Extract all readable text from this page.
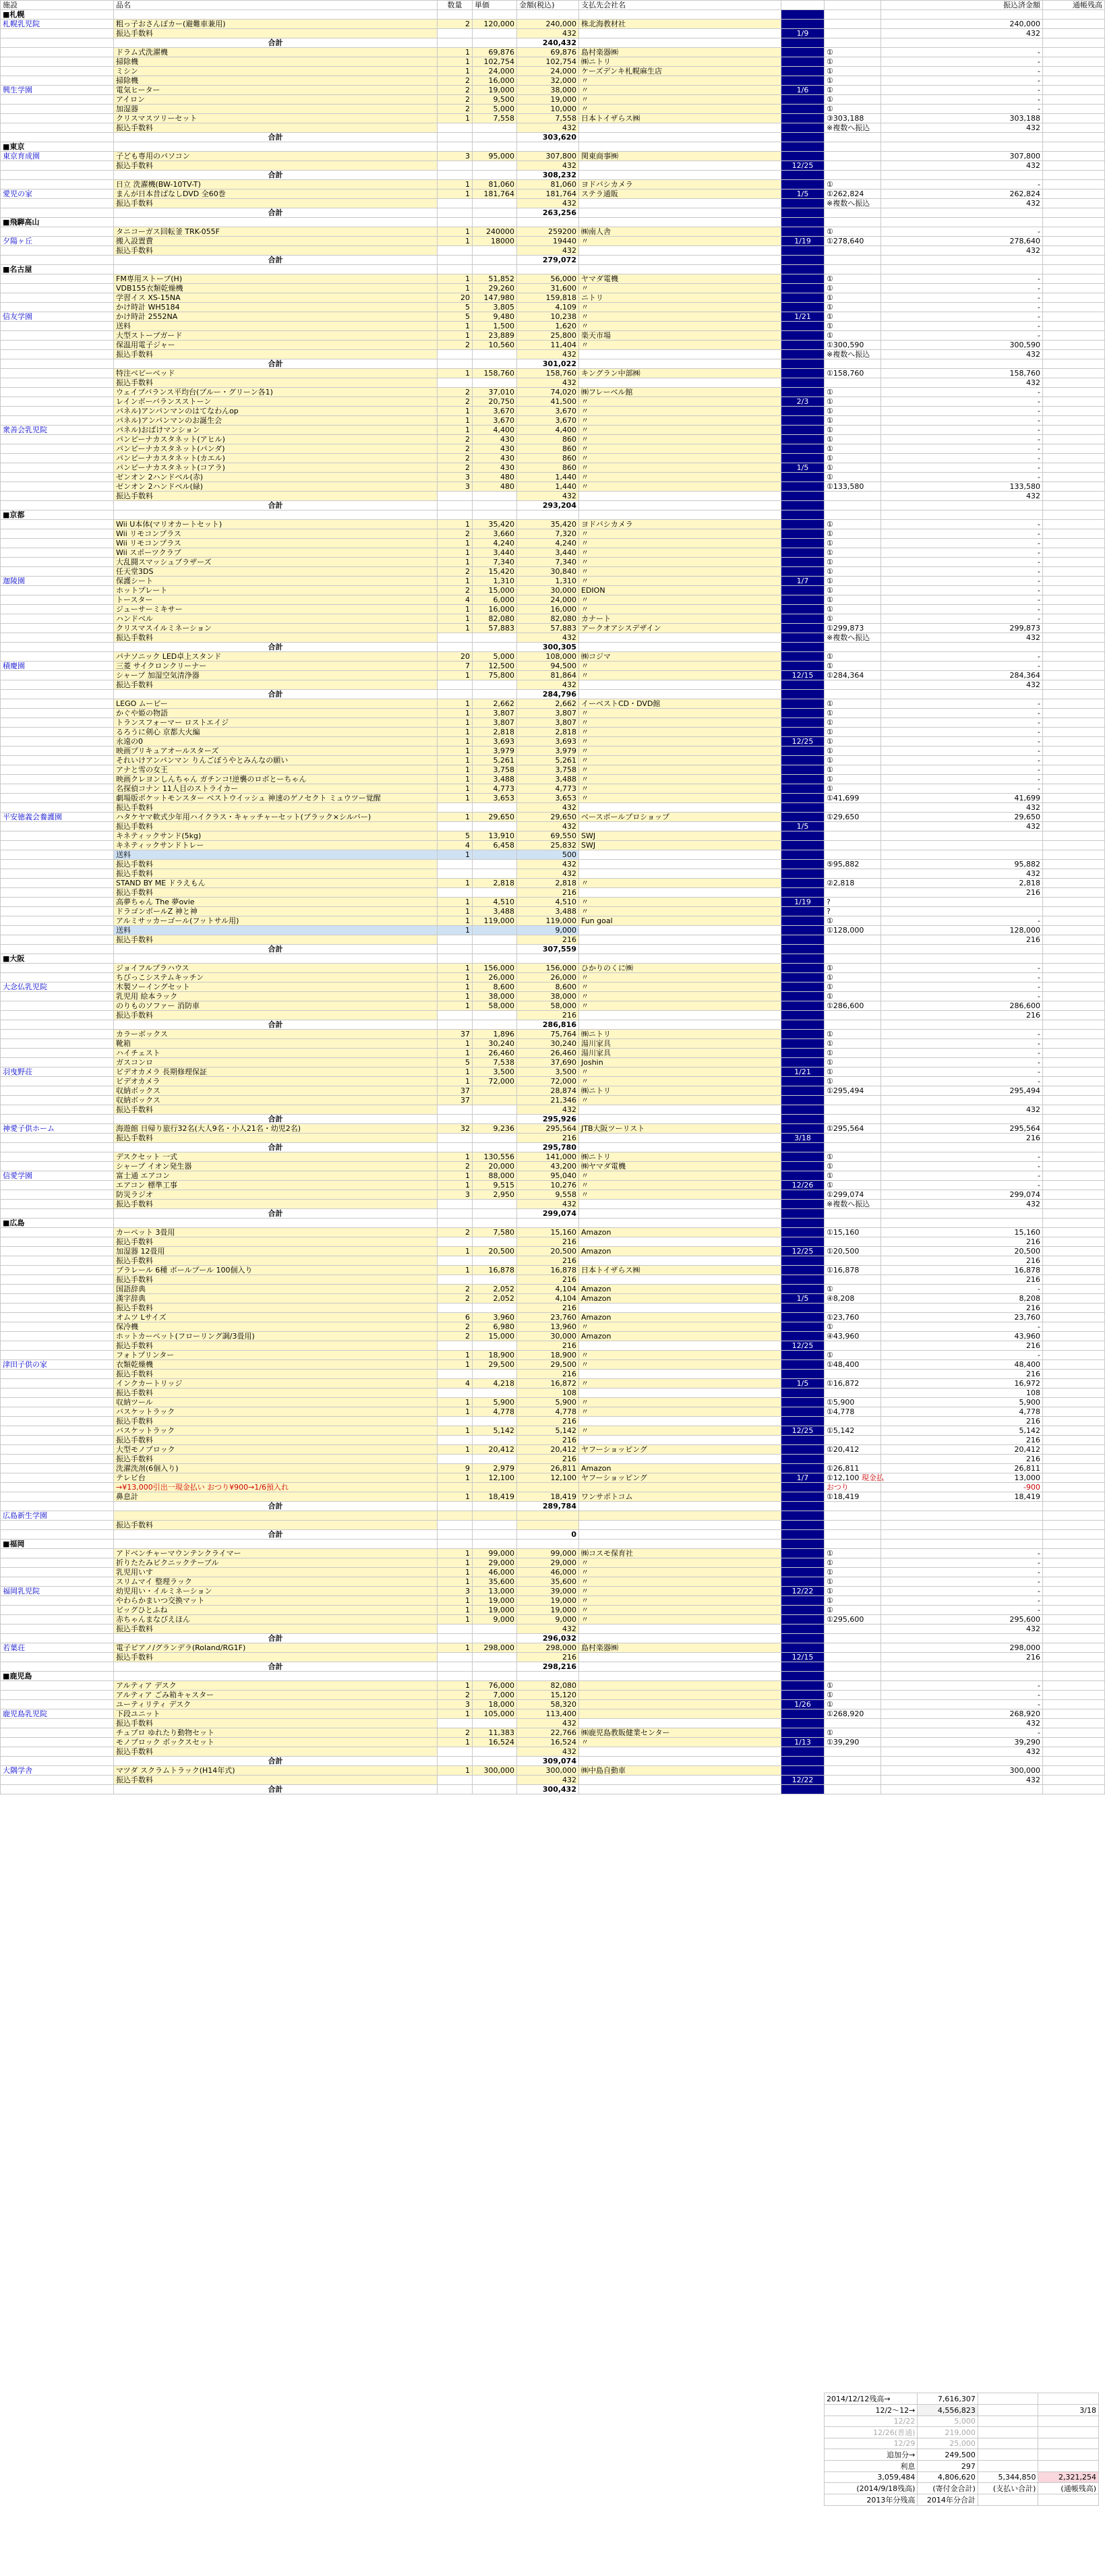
施設	品名	数量	単価	金額(税込)	支払先会社名	振込完了		振込済金額	通帳残高
■札幌									
札幌乳児院	粗っ子おさんぽカー(避難車兼用)	2	120,000	240,000	株北海教材社			240,000	
	振込手数料			432		1/9		432	
	合計			240,432					
	ドラム式洗濯機	1	69,876	69,876	島村楽器㈱		①	-	
	掃除機	1	102,754	102,754	㈱ニトリ		①	-	
	ミシン	1	24,000	24,000	ケーズデンキ札幌麻生店		①	-	
	掃除機	2	16,000	32,000	〃		①	-	
興生学園	電気ヒーター	2	19,000	38,000	〃	1/6	①	-	
	アイロン	2	9,500	19,000	〃		①	-	
	加湿器	2	5,000	10,000	〃		①	-	
	クリスマスツリーセット	1	7,558	7,558	日本トイザらス㈱		③303,188	303,188	
	振込手数料			432			※複数へ振込	432	
	合計			303,620					
■東京									
東京育成園	子ども専用のパソコン	3	95,000	307,800	関東商事㈱			307,800	
	振込手数料			432		12/25		432	
	合計			308,232					
	日立 洗濯機(BW-10TV-T)	1	81,060	81,060	ヨドバシカメラ		①	-	
愛児の家	まんが日本昔ばなしDVD 全60巻	1	181,764	181,764	ステラ通販	1/5	①262,824	262,824	
	振込手数料			432			※複数へ振込	432	
	合計			263,256					
■飛騨高山									
	タニコーガス回転釜 TRK-055F	1	240000	259200	㈱南人舎		①	-	
夕陽ヶ丘	搬入設置費	1	18000	19440	〃	1/19	①278,640	278,640	
	振込手数料			432				432	
	合計			279,072					
■名古屋									
	FM専用ストーブ(H)	1	51,852	56,000	ヤマダ電機		①	-	
	VDB155衣類乾燥機	1	29,260	31,600	〃		①	-	
	学習イス XS-15NA	20	147,980	159,818	ニトリ		①	-	
	かけ時計 WH5184	5	3,805	4,109	〃		①	-	
信友学園	かけ時計 2552NA	5	9,480	10,238	〃	1/21	①	-	
	送料	1	1,500	1,620	〃		①	-	
	大型ストーブガード	1	23,889	25,800	楽天市場		①	-	
	保温用電子ジャー	2	10,560	11,404	〃		①300,590	300,590	
	振込手数料			432			※複数へ振込	432	
	合計			301,022					
	特注ベビーベッド	1	158,760	158,760	キングラン中部㈱		①158,760	158,760	
	振込手数料			432				432	
	ウェイブバランス平均台(ブルー・グリーン各1)	2	37,010	74,020	㈱フレーベル館		①	-	
	レインボーバランスストーン	2	20,750	41,500	〃	2/3	①	-	
	パネル)アンパンマンのはてなわんop	1	3,670	3,670	〃		①	-	
	パネル)アンパンマンのお誕生会	1	3,670	3,670	〃		①	-	
衆善会乳児院	パネル)おばけマンション	1	4,400	4,400	〃		①	-	
	パンピーナカスタネット(アヒル)	2	430	860	〃		①	-	
	パンピーナカスタネット(パンダ)	2	430	860	〃		①	-	
	パンピーナカスタネット(カエル)	2	430	860	〃		①	-	
	パンピーナカスタネット(コアラ)	2	430	860	〃	1/5	①	-	
	ゼンオン 2ハンドベル(赤)	3	480	1,440	〃		①	-	
	ゼンオン 2ハンドベル(緑)	3	480	1,440	〃		①133,580	133,580	
	振込手数料			432				432	
	合計			293,204					
■京都									
	Wii U本体(マリオカートセット)	1	35,420	35,420	ヨドバシカメラ		①	-	
	Wii リモコンプラス	2	3,660	7,320	〃		①	-	
	Wii リモコンプラス	1	4,240	4,240	〃		①	-	
	Wii スポーツクラブ	1	3,440	3,440	〃		①	-	
	大乱闘スマッシュブラザーズ	1	7,340	7,340	〃		①	-	
	任天堂3DS	2	15,420	30,840	〃		①	-	
迦陵園	保護シート	1	1,310	1,310	〃	1/7	①	-	
	ホットプレート	2	15,000	30,000	EDION		①	-	
	トースター	4	6,000	24,000	〃		①	-	
	ジューサーミキサー	1	16,000	16,000	〃		①	-	
	ハンドベル	1	82,080	82,080	カナート		①	-	
	クリスマスイルミネーション	1	57,883	57,883	アークオアシスデザイン		①299,873	299,873	
	振込手数料			432			※複数へ振込	432	
	合計			300,305					
	パナソニック LED卓上スタンド	20	5,000	108,000	㈱コジマ		①	-	
積慶園	三菱 サイクロンクリーナー	7	12,500	94,500	〃		①	-	
	シャープ 加湿空気清浄器	1	75,800	81,864	〃	12/15	①284,364	284,364	
	振込手数料			432				432	
	合計			284,796					
	LEGO ムービー	1	2,662	2,662	イーベストCD・DVD館		①	-	
	かぐや姫の物語	1	3,807	3,807	〃		①	-	
	トランスフォーマー ロストエイジ	1	3,807	3,807	〃		①	-	
	るろうに剣心 京都大火編	1	2,818	2,818	〃		①	-	
	永遠の0	1	3,693	3,693	〃	12/25	①	-	
	映画プリキュアオールスターズ	1	3,979	3,979	〃		①	-	
	それいけアンパンマン りんごぼうやとみんなの願い	1	5,261	5,261	〃		①	-	
	アナと雪の女王	1	3,758	3,758	〃		①	-	
	映画クレヨンしんちゃん ガチンコ!逆襲のロボとーちゃん	1	3,488	3,488	〃		①	-	
	名探偵コナン 11人目のストライカー	1	4,773	4,773	〃		①	-	
	劇場版ポケットモンスター ベストウイッシュ 神速のゲノセクト ミュウツー覚醒	1	3,653	3,653	〃		①41,699	41,699	
	振込手数料			432				432	
平安徳義会養護園	ハタケヤマ軟式少年用ハイクラス・キャッチャーセット(ブラック×シルバー)	1	29,650	29,650	ベースボールプロショップ		①29,650	29,650	
	振込手数料			432		1/5		432	
	キネティックサンド(5kg)	5	13,910	69,550	SWJ				
	キネティックサンドトレー	4	6,458	25,832	SWJ				
	送料	1		500					
	振込手数料			432			⑤95,882	95,882	
	振込手数料			432				432	
	STAND BY ME ドラえもん	1	2,818	2,818	〃		②2,818	2,818	
	振込手数料			216				216	
	高夢ちゃん The 夢ovie	1	4,510	4,510	〃	1/19	?		
	ドラゴンボールZ 神と神	1	3,488	3,488	〃		?		
	アルミサッカーゴール(フットサル用)	1	119,000	119,000	Fun goal		①	-	
	送料	1		9,000			①128,000	128,000	
	振込手数料			216				216	
	合計			307,559					
■大阪									
	ジョイフルプラハウス	1	156,000	156,000	ひかりのくに㈱		①	-	
	ちびっこシステムキッチン	1	26,000	26,000	〃		①	-	
大念仏乳児院	木製ソーイングセット	1	8,600	8,600	〃		①	-	
	乳児用 絵本ラック	1	38,000	38,000	〃		①	-	
	のりものソファー 消防車	1	58,000	58,000	〃		①286,600	286,600	
	振込手数料			216				216	
	合計			286,816					
	カラーボックス	37	1,896	75,764	㈱ニトリ		①	-	
	靴箱	1	30,240	30,240	湯川家具		①	-	
	ハイチェスト	1	26,460	26,460	湯川家具		①	-	
	ガスコンロ	5	7,538	37,690	Joshin		①	-	
羽曳野荘	ビデオカメラ 長期修理保証	1	3,500	3,500	〃	1/21	①	-	
	ビデオカメラ	1	72,000	72,000	〃		①	-	
	収納ボックス	37		28,874	㈱ニトリ		①295,494	295,494	
	収納ボックス	37		21,346	〃				
	振込手数料			432				432	
	合計			295,926					
神愛子供ホーム	海遊館 日帰り旅行32名(大人9名・小人21名・幼児2名)	32	9,236	295,564	JTB大阪ツーリスト		①295,564	295,564	
	振込手数料			216		3/18		216	
	合計			295,780					
	デスクセット 一式	1	130,556	141,000	㈱ニトリ		①	-	
	シャープ イオン発生器	2	20,000	43,200	㈱ヤマダ電機		①	-	
信愛学園	富士通 エアコン	1	88,000	95,040	〃		①	-	
	エアコン 標準工事	1	9,515	10,276	〃	12/26	①	-	
	防災ラジオ	3	2,950	9,558	〃		①299,074	299,074	
	振込手数料			432			※複数へ振込	432	
	合計			299,074					
■広島									
	カーペット 3畳用	2	7,580	15,160	Amazon		①15,160	15,160	
	振込手数料			216				216	
	加湿器 12畳用	1	20,500	20,500	Amazon	12/25	①20,500	20,500	
	振込手数料			216				216	
	プラレール 6種 ボールプール 100個入り	1	16,878	16,878	日本トイザらス㈱		①16,878	16,878	
	振込手数料			216				216	
	国語辞典	2	2,052	4,104	Amazon		①	-	
	漢字辞典	2	2,052	4,104	Amazon	1/5	④8,208	8,208	
	振込手数料			216				216	
	オムツ Lサイズ	6	3,960	23,760	Amazon		①23,760	23,760	
	保冷機	2	6,980	13,960	〃		①	-	
	ホットカーペット(フローリング調/3畳用)	2	15,000	30,000	Amazon		④43,960	43,960	
	振込手数料			216		12/25		216	
	フォトプリンター	1	18,900	18,900	〃		①	-	
津田子供の家	衣類乾燥機	1	29,500	29,500	〃		①48,400	48,400	
	振込手数料			216				216	
	インクカートリッジ	4	4,218	16,872	〃	1/5	①16,872	16,972	
	振込手数料			108				108	
	収納ツール	1	5,900	5,900	〃		①5,900	5,900	
	バスケットラック	1	4,778	4,778	〃		①4,778	4,778	
	振込手数料			216				216	
	バスケットラック	1	5,142	5,142	〃	12/25	①5,142	5,142	
	振込手数料			216				216	
	大型モノブロック	1	20,412	20,412	ヤフーショッピング		①20,412	20,412	
	振込手数料			216				216	
	洗濯洗剤(6個入り)	9	2,979	26,811	Amazon		①26,811	26,811	
	テレビ台	1	12,100	12,100	ヤフーショッピング	1/7	①12,100 現金払	13,000	
	→¥13,000引出一現金払い おつり¥900→1/6預入れ						おつり	-900	
	鼻息計	1	18,419	18,419	ワンサポトコム		①18,419	18,419	
	合計			289,784					
広島新生学園									
	振込手数料								
	合計			0					
■福岡									
	アドベンチャーマウンテンクライマー	1	99,000	99,000	㈱コスモ保育社		①	-	
	折りたたみビクニックテーブル	1	29,000	29,000	〃		①	-	
	乳児用いす	1	46,000	46,000	〃		①	-	
	スリムマイ 整理ラック	1	35,600	35,600	〃		①	-	
福岡乳児院	幼児用い・イルミネーション	3	13,000	39,000	〃	12/22	①	-	
	やわらかまいつ交換マット	1	19,000	19,000	〃		①	-	
	ビッグひとふね	1	19,000	19,000	〃		①	-	
	赤ちゃんまなびえほん	1	9,000	9,000	〃		①295,600	295,600	
	振込手数料			432				432	
	合計			296,032					
若葉荘	電子ピアノ/グランデラ(Roland/RG1F)	1	298,000	298,000	島村楽器㈱			298,000	
	振込手数料			216		12/15		216	
	合計			298,216					
■鹿児島									
	アルティア デスク	1	76,000	82,080			①	-	
	アルティア ごみ箱キャスター	2	7,000	15,120			①	-	
	ユーティリティ デスク	3	18,000	58,320		1/26	①	-	
鹿児島乳児院	下段ユニット	1	105,000	113,400			①268,920	268,920	
	振込手数料			432				432	
	チュブロ ゆれたり動物セット	2	11,383	22,766	㈱鹿児島教販健業センター		①	-	
	モノブロック ボックスセット	1	16,524	16,524	〃	1/13	①39,290	39,290	
	振込手数料			432				432	
	合計			309,074					
大隅学舎	マツダ スクラムトラック(H14年式)	1	300,000	300,000	㈱中島自動車			300,000	
	振込手数料			432		12/22		432	
	合計			300,432					
2014/12/12残高→	7,616,307		
12/2〜12→	4,556,823		3/18
12/22	5,000		
12/26(普通)	219,000		
12/29	25,000		
追加分→	249,500		
利息	297		
3,059,484	4,806,620	5,344,850	2,321,254
(2014/9/18残高)	(寄付金合計)	(支払い合計)	(通帳残高)
2013年分残高	2014年分合計		
